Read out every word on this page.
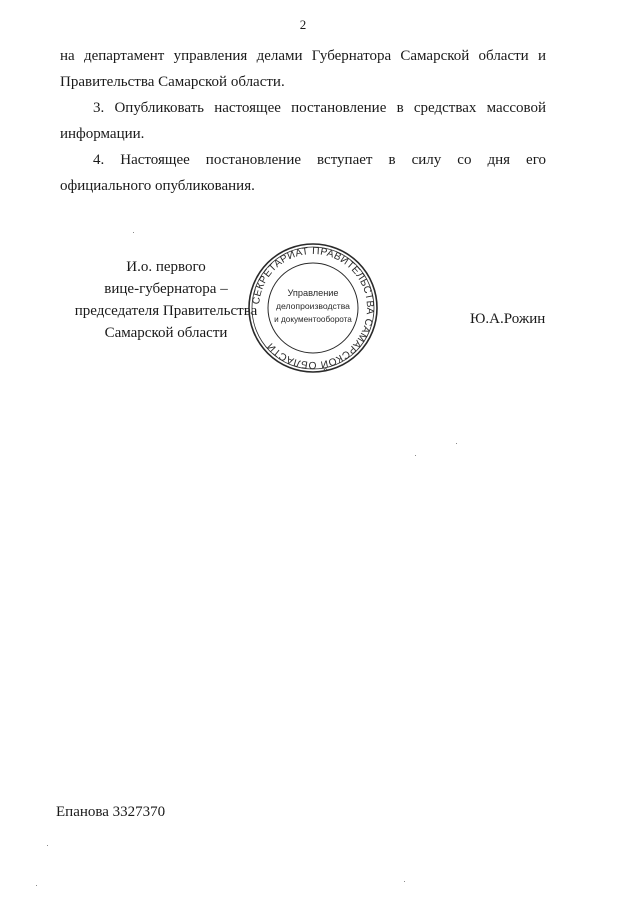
2
на департамент управления делами Губернатора Самарской области и
Правительства Самарской области.
3. Опубликовать настоящее постановление в средствах массовой
информации.
4. Настоящее постановление вступает в силу со дня его
официального опубликования.
И.о. первого
вице-губернатора –
председателя Правительства
Самарской области
СЕКРЕТАРИАТ ПРАВИТЕЛЬСТВА САМАРСКОЙ ОБЛАСТИ
Управление
делопроизводства
и документооборота	Ю.А.Рожин
Епанова 3327370
